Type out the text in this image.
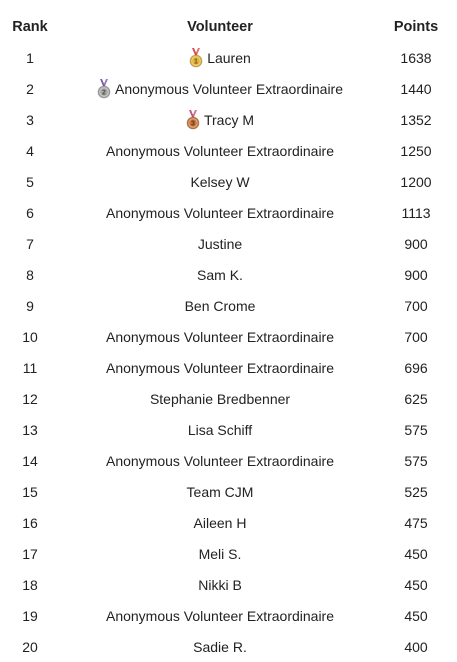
Rank	Volunteer	Points
1	1 Lauren	1638
2	2 Anonymous Volunteer Extraordinaire	1440
3	3 Tracy M	1352
4	Anonymous Volunteer Extraordinaire	1250
5	Kelsey W	1200
6	Anonymous Volunteer Extraordinaire	1113
7	Justine	900
8	Sam K.	900
9	Ben Crome	700
10	Anonymous Volunteer Extraordinaire	700
11	Anonymous Volunteer Extraordinaire	696
12	Stephanie Bredbenner	625
13	Lisa Schiff	575
14	Anonymous Volunteer Extraordinaire	575
15	Team CJM	525
16	Aileen H	475
17	Meli S.	450
18	Nikki B	450
19	Anonymous Volunteer Extraordinaire	450
20	Sadie R.	400
